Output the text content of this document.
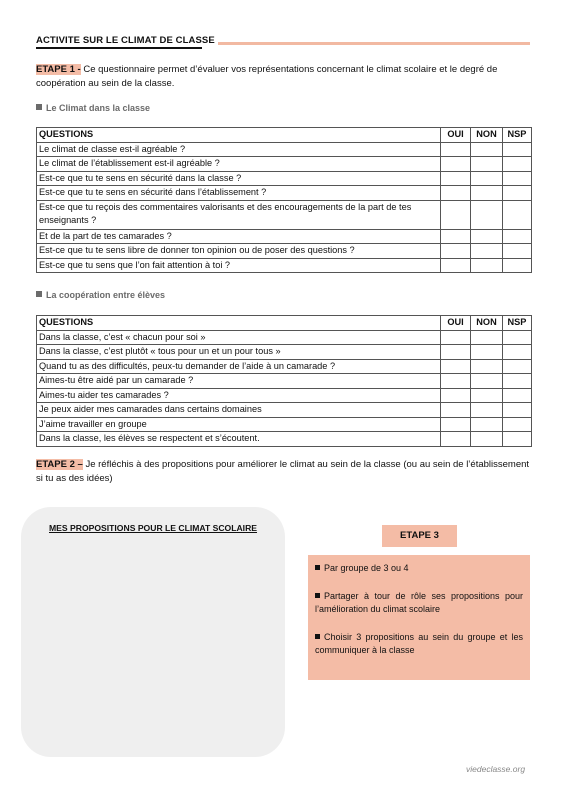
ACTIVITE SUR LE CLIMAT DE CLASSE
ETAPE 1 - Ce questionnaire permet d’évaluer vos représentations concernant le climat scolaire et le degré de coopération au sein de la classe.
Le Climat dans la classe
QUESTIONS	OUI	NON	NSP
Le climat de classe est-il agréable ?			
Le climat de l’établissement est-il agréable ?			
Est-ce que tu te sens en sécurité dans la classe ?			
Est-ce que tu te sens en sécurité dans l’établissement ?			
Est-ce que tu reçois des commentaires valorisants et des encouragements de la part de tes enseignants ?			
Et de la part de tes camarades ?			
Est-ce que tu te sens libre de donner ton opinion ou de poser des questions ?			
Est-ce que tu sens que l’on fait attention à toi ?			
La coopération entre élèves
QUESTIONS	OUI	NON	NSP
Dans la classe, c’est « chacun pour soi »			
Dans la classe, c’est plutôt « tous pour un et un pour tous »			
Quand tu as des difficultés, peux-tu demander de l’aide à un camarade ?			
Aimes-tu être aidé par un camarade ?			
Aimes-tu aider tes camarades ?			
Je peux aider mes camarades dans certains domaines			
J’aime travailler en groupe			
Dans la classe, les élèves se respectent et s’écoutent.			
ETAPE 2 – Je réfléchis à des propositions pour améliorer le climat au sein de la classe (ou au sein de l’établissement si tu as des idées)
MES PROPOSITIONS POUR LE CLIMAT SCOLAIRE
ETAPE 3
Par groupe de 3 ou 4
Partager à tour de rôle ses propositions pour l’amélioration du climat scolaire
Choisir 3 propositions au sein du groupe et les communiquer à la classe
viedeclasse.org
